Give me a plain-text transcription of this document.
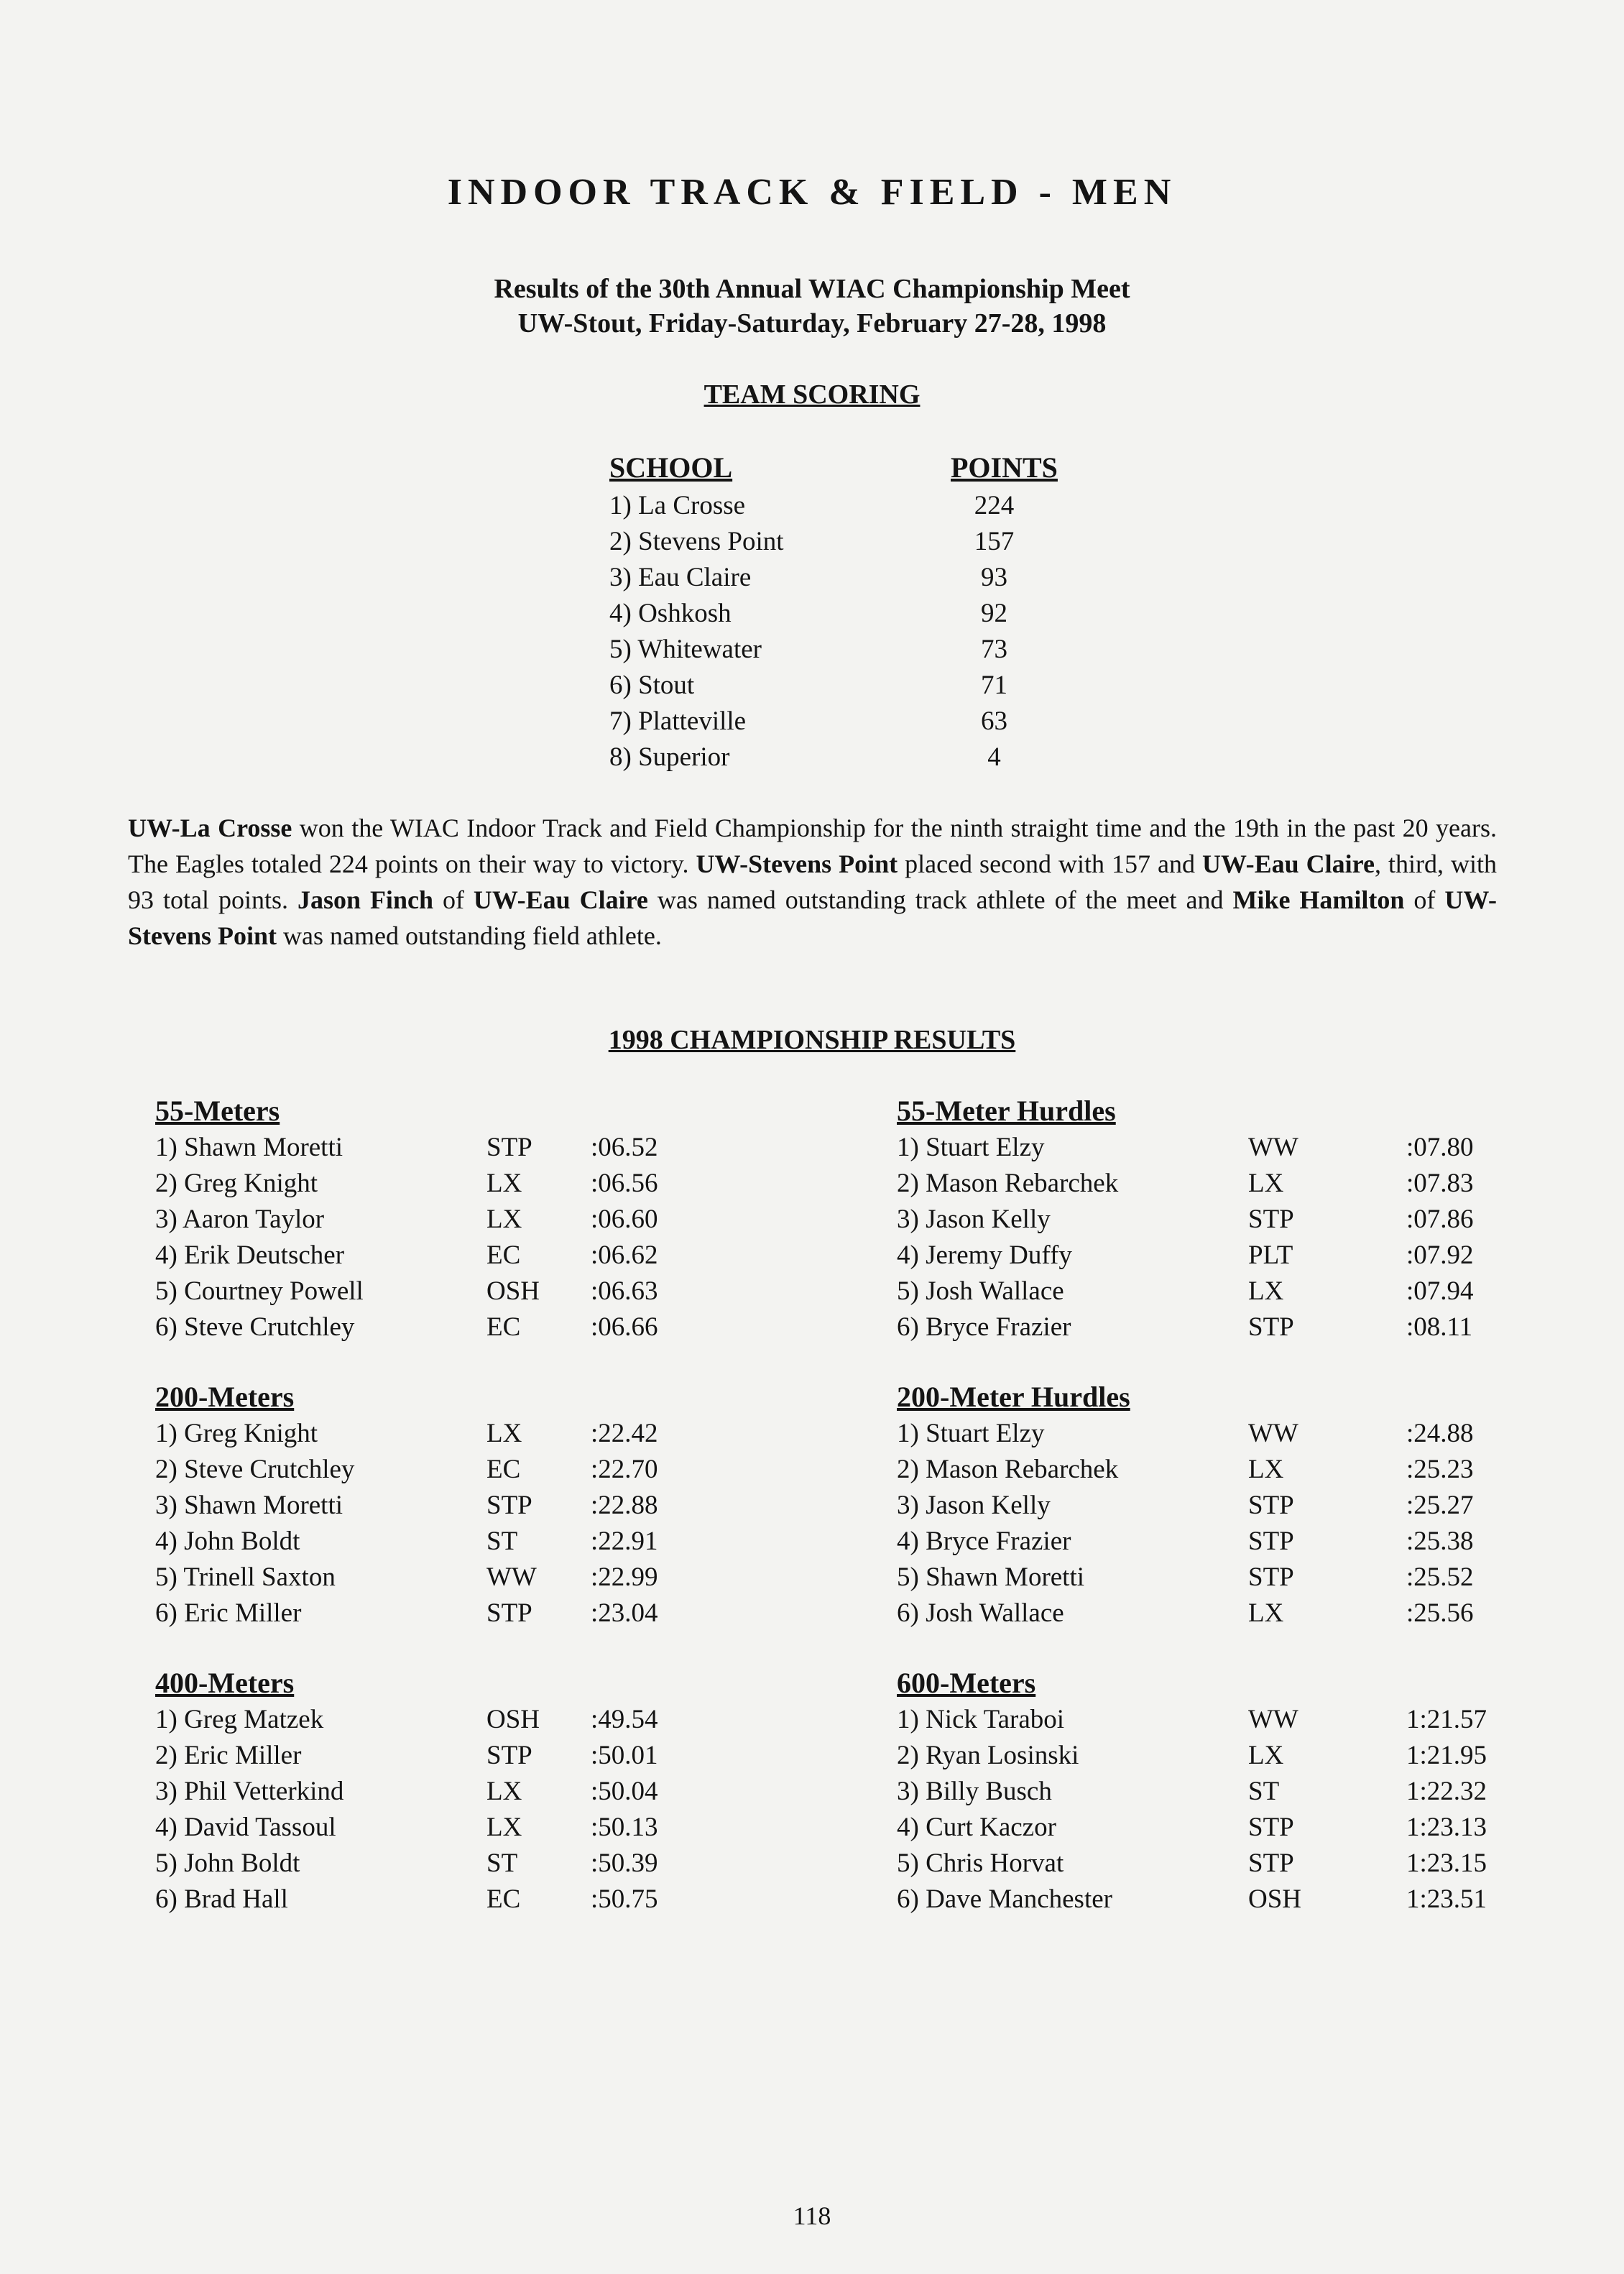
INDOOR TRACK & FIELD - MEN
Results of the 30th Annual WIAC Championship Meet
UW-Stout, Friday-Saturday, February 27-28, 1998
TEAM SCORING
SCHOOL	POINTS
1) La Crosse	224
2) Stevens Point	157
3) Eau Claire	93
4) Oshkosh	92
5) Whitewater	73
6) Stout	71
7) Platteville	63
8) Superior	4
UW-La Crosse won the WIAC Indoor Track and Field Championship for the ninth straight time and the 19th in the past 20 years. The Eagles totaled 224 points on their way to victory. UW-Stevens Point placed second with 157 and UW-Eau Claire, third, with 93 total points. Jason Finch of UW-Eau Claire was named outstanding track athlete of the meet and Mike Hamilton of UW-Stevens Point was named outstanding field athlete.
1998 CHAMPIONSHIP RESULTS
55-Meters
1) Shawn Moretti	STP :06.52
2) Greg Knight	LX	:06.56
3) Aaron Taylor	LX	:06.60
4) Erik Deutscher	EC	:06.62
5) Courtney Powell	OSH :06.63
6) Steve Crutchley	EC	:06.66
55-Meter Hurdles
1) Stuart Elzy	WW	:07.80
2) Mason Rebarchek	LX	:07.83
3) Jason Kelly	STP	:07.86
4) Jeremy Duffy	PLT	:07.92
5) Josh Wallace	LX	:07.94
6) Bryce Frazier	STP	:08.11
200-Meters
1) Greg Knight	LX	:22.42
2) Steve Crutchley	EC	:22.70
3) Shawn Moretti	STP :22.88
4) John Boldt	ST	:22.91
5) Trinell Saxton	WW :22.99
6) Eric Miller	STP :23.04
200-Meter Hurdles
1) Stuart Elzy	WW	:24.88
2) Mason Rebarchek	LX	:25.23
3) Jason Kelly	STP	:25.27
4) Bryce Frazier	STP	:25.38
5) Shawn Moretti	STP	:25.52
6) Josh Wallace	LX	:25.56
400-Meters
1) Greg Matzek	OSH :49.54
2) Eric Miller	STP :50.01
3) Phil Vetterkind	LX	:50.04
4) David Tassoul	LX	:50.13
5) John Boldt	ST	:50.39
6) Brad Hall	EC	:50.75
600-Meters
1) Nick Taraboi	WW	1:21.57
2) Ryan Losinski	LX	1:21.95
3) Billy Busch	ST	1:22.32
4) Curt Kaczor	STP	1:23.13
5) Chris Horvat	STP	1:23.15
6) Dave Manchester	OSH	1:23.51
118
